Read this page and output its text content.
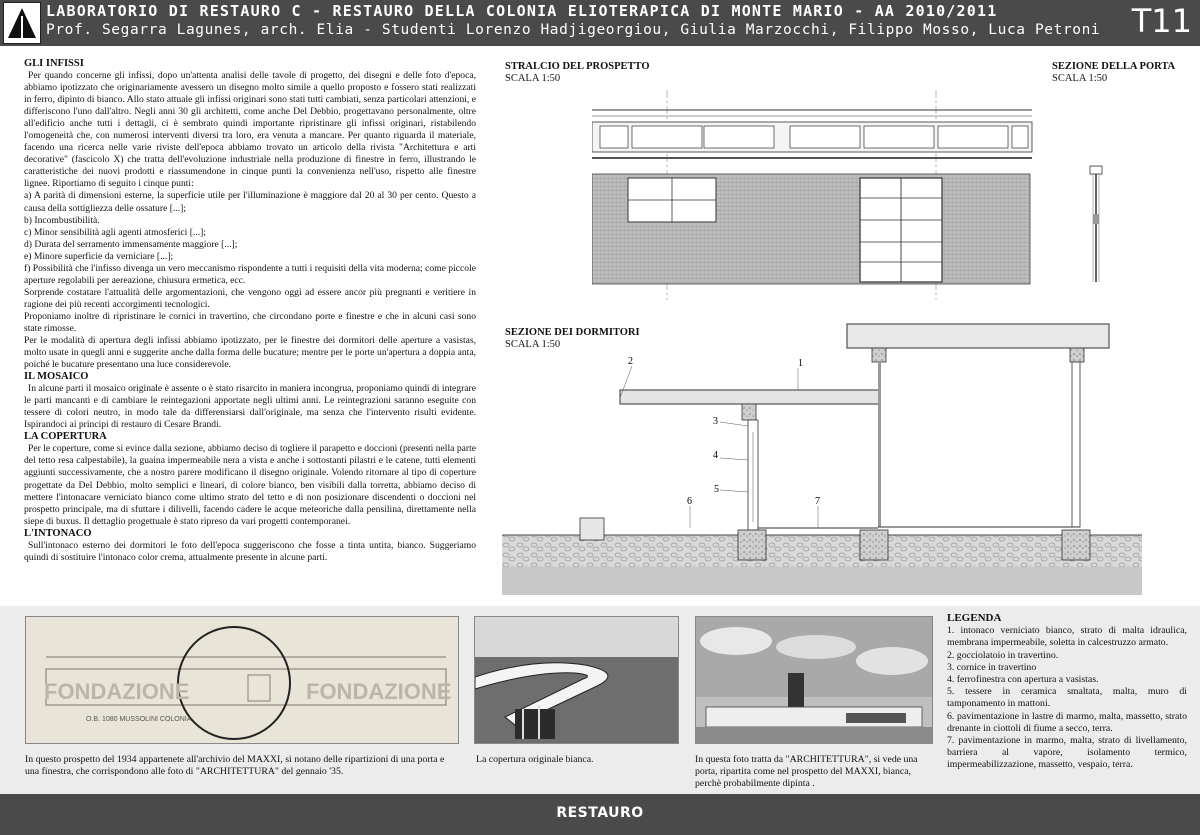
LABORATORIO DI RESTAURO C - RESTAURO DELLA COLONIA ELIOTERAPICA DI MONTE MARIO - AA 2010/2011
Prof. Segarra Lagunes, arch. Elia - Studenti Lorenzo Hadjigeorgiou, Giulia Marzocchi, Filippo Mosso, Luca Petroni T11
GLI INFISSI

Per quando concerne gli infissi, dopo un'attenta analisi delle tavole di progetto, dei disegni e delle foto d'epoca, abbiamo ipotizzato che originariamente avessero un disegno molto simile a quello proposto e fossero stati realizzati in ferro, dipinto di bianco. Allo stato attuale gli infissi originari sono stati tutti cambiati, senza particolari attenzioni, e differiscono l'uno dall'altro. Negli anni 30 gli architetti, come anche Del Debbio, progettavano personalmente, oltre all'edificio anche tutti i dettagli, ci è sembrato quindi importante ripristinare gli infissi originari, ristabilendo l'omogeneità che, con numerosi interventi diversi tra loro, era venuta a mancare. Per quanto riguarda il materiale, facendo una ricerca nelle varie riviste dell'epoca abbiamo trovato un articolo della rivista "Architettura e arti decorative" (fascicolo X) che tratta dell'evoluzione industriale nella produzione di finestre in ferro, illustrando le caratteristiche dei nuovi prodotti e riassumendone in cinque punti la convenienza nell'uso, rispetto alle finestre lignee. Riportiamo di seguito i cinque punti:

a) A parità di dimensioni esterne, la superficie utile per l'illuminazione è maggiore dal 20 al 30 per cento. Questo a causa della sottigliezza delle ossature [...];

b) Incombustibilità.

c) Minor sensibilità agli agenti atmosferici [...];

d) Durata del serramento immensamente maggiore [...];

e) Minore superficie da verniciare [...];

f) Possibilità che l'infisso divenga un vero meccanismo rispondente a tutti i requisiti della vita moderna; come piccole aperture regolabili per aereazione, chiusura ermetica, ecc.

Sorprende costatare l'attualità delle argomentazioni, che vengono oggi ad essere ancor più pregnanti e veritiere in ragione dei più recenti accorgimenti tecnologici.

Proponiamo inoltre di ripristinare le cornici in travertino, che circondano porte e finestre e che in alcuni casi sono state rimosse.

Per le modalità di apertura degli infissi abbiamo ipotizzato, per le finestre dei dormitori delle aperture a vasistas, molto usate in quegli anni e suggerite anche dalla forma delle bucature; mentre per le porte un'apertura a doppia anta, poiché le bucature presentano una luce considerevole.

IL MOSAICO

In alcune parti il mosaico originale è assente o è stato risarcito in maniera incongrua, proponiamo quindi di integrare le parti mancanti e di cambiare le reintegazioni apportate negli ultimi anni. Le reintegrazioni saranno eseguite con tessere di colori neutro, in modo tale da differensiarsi dall'originale, ma senza che l'intervento risulti evidente. Ispirandoci ai principi di restauro di Cesare Brandi.

LA COPERTURA

Per le coperture, come si evince dalla sezione, abbiamo deciso di togliere il parapetto e doccioni (presenti nella parte del tetto resa calpestabile), la guaina impermeabile nera a vista e anche i sottostanti pilastri e le catene, tutti elementi aggiunti successivamente, che a nostro parere modificano il disegno originale. Volendo ritornare al tipo di coperture progettate da Del Debbio, molto semplici e lineari, di colore bianco, ben visibili dalla torretta, abbiamo deciso di mettere l'intonacare verniciato bianco come ultimo strato del tetto e di non posizionare discendenti o doccioni nel prospetto principale, ma di sfuttare i dilivelli, facendo cadere le acque meteoriche dalla pensilina, direttamente nella siepe di buxus. Il dettaglio progettuale è stato ripreso da vari progetti contemporanei.

L'INTONACO

Sull'intonaco esterno dei dormitori le foto dell'epoca suggeriscono che fosse a tinta untita, bianco. Suggeriamo quindi di sostituire l'intonaco color crema, attualmente presente in alcune parti.

STRALCIO DEL PROSPETTO
SCALA 1:50
SEZIONE DELLA PORTA
SCALA 1:50
SEZIONE DEI DORMITORI
SCALA 1:50
1
2
3
4
5
6	7
FONDAZIONE	FONDAZIONE
O.B. 1080 MUSSOLINI COLONIA
In questo prospetto del 1934 appartenete all'archivio del MAXXI, si notano delle ripartizioni di una porta e una finestra, che corrispondono alle foto di "ARCHITETTURA" del gennaio '35.
La copertura originale bianca.	In questa foto tratta da "ARCHITETTURA", si vede una porta, ripartita come nel prospetto del MAXXI, bianca, perchè probabilmente dipinta .
LEGENDA
1. intonaco verniciato bianco, strato di malta idraulica, membrana impermeabile, soletta in calcestruzzo armato.
2. gocciolatoio in travertino.
3. cornice in travertino
4. ferrofinestra con apertura a vasistas.
5. tessere in ceramica smaltata, malta, muro di tamponamento in mattoni.
6. pavimentazione in lastre di marmo, malta, massetto, strato drenante in ciottoli di fiume a secco, terra.
7. pavimentazione in marmo, malta, strato di livellamento, barriera al vapore, isolamento termico, impermeabilizzazione, massetto, vespaio, terra.
RESTAURO
